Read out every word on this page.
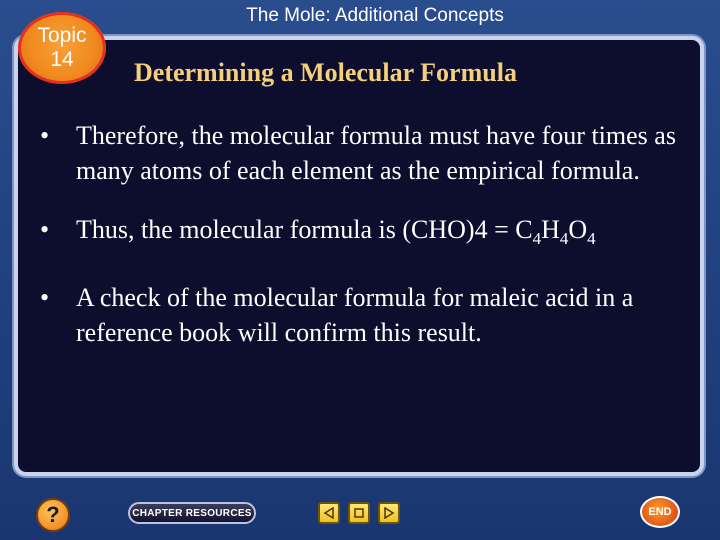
The Mole: Additional Concepts
Topic
14 Determining a Molecular Formula
• Therefore, the molecular formula must have four times as many atoms of each element as the empirical formula.
• Thus, the molecular formula is $(CHO)4 = C_4H_4O_4$
• A check of the molecular formula for maleic acid in a reference book will confirm this result.
?	CHAPTER RESOURCES	END
